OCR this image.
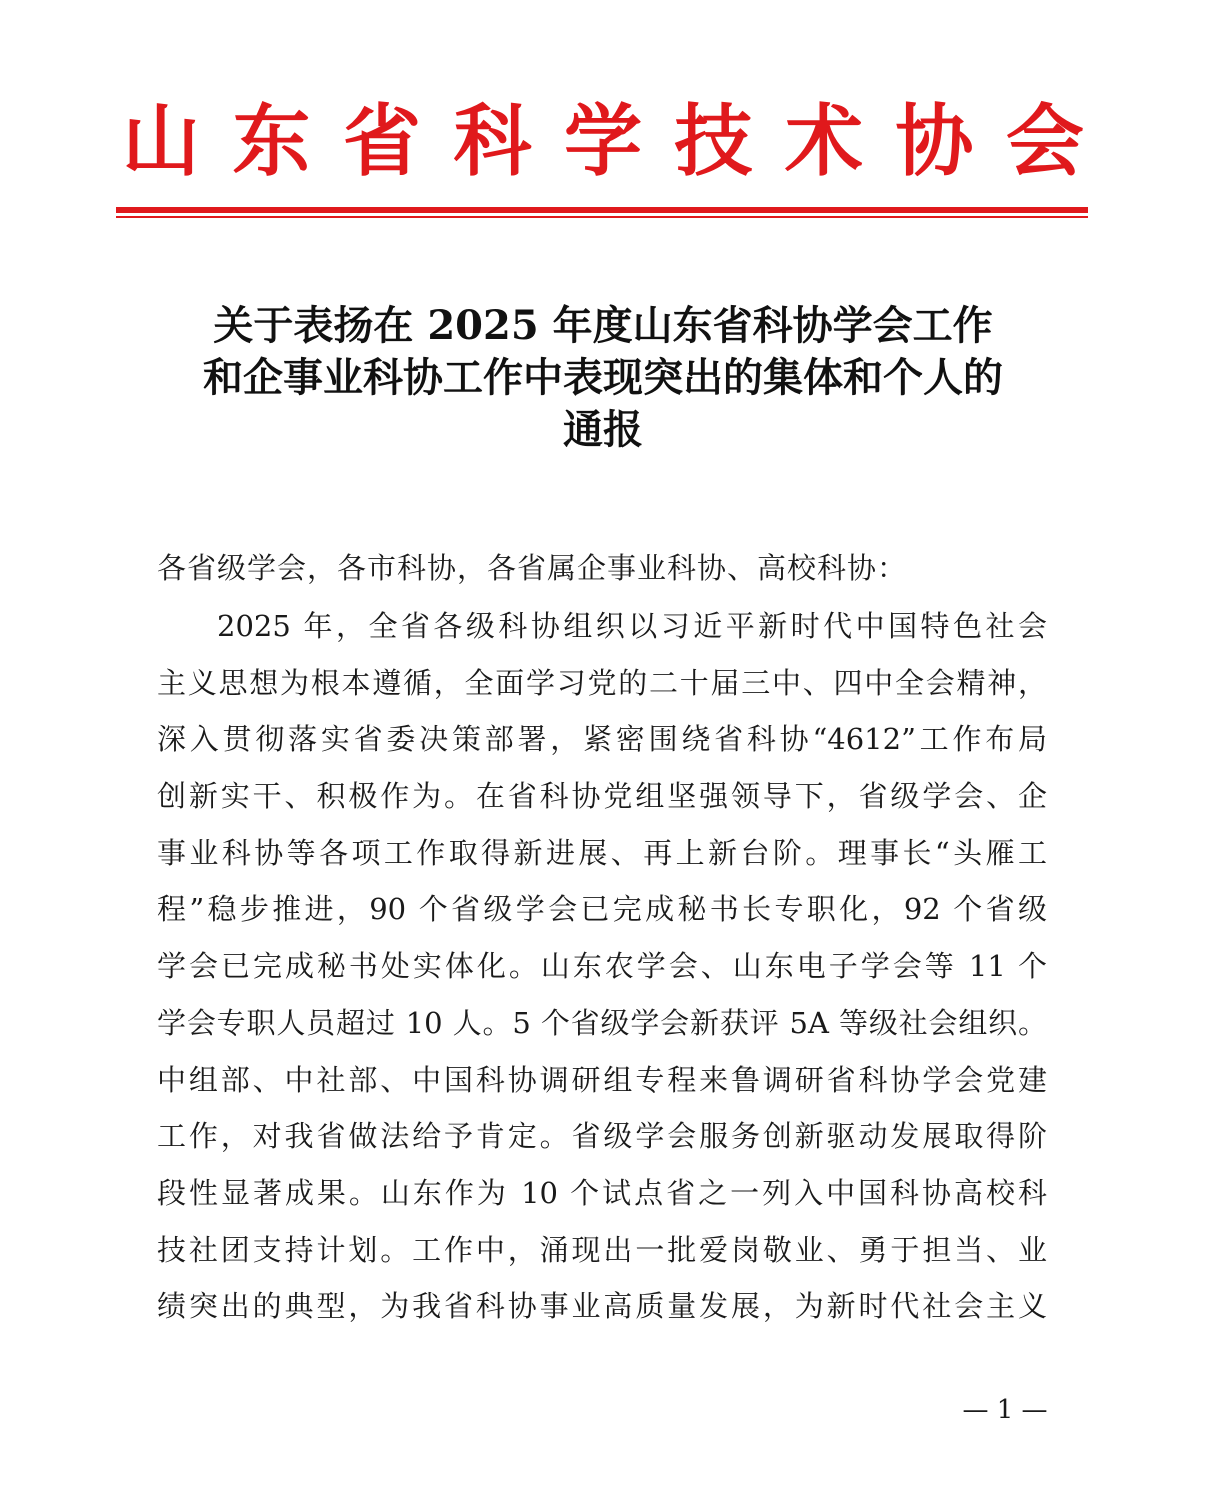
山 东 省 科 学 技 术 协 会
关于表扬在 2025 年度山东省科协学会工作
和企事业科协工作中表现突出的集体和个人的
通报
各省级学会，各市科协，各省属企事业科协、高校科协：
2025 年，全省各级科协组织以习近平新时代中国特色社会
主义思想为根本遵循，全面学习党的二十届三中、四中全会精神，
深入贯彻落实省委决策部署，紧密围绕省科协“4612”工作布局
创新实干、积极作为。在省科协党组坚强领导下，省级学会、企
事业科协等各项工作取得新进展、再上新台阶。理事长“头雁工
程”稳步推进，90 个省级学会已完成秘书长专职化，92 个省级
学会已完成秘书处实体化。山东农学会、山东电子学会等 11 个
学会专职人员超过 10 人。5 个省级学会新获评 5A 等级社会组织。
中组部、中社部、中国科协调研组专程来鲁调研省科协学会党建
工作，对我省做法给予肯定。省级学会服务创新驱动发展取得阶
段性显著成果。山东作为 10 个试点省之一列入中国科协高校科
技社团支持计划。工作中，涌现出一批爱岗敬业、勇于担当、业
绩突出的典型，为我省科协事业高质量发展，为新时代社会主义
— 1 —
